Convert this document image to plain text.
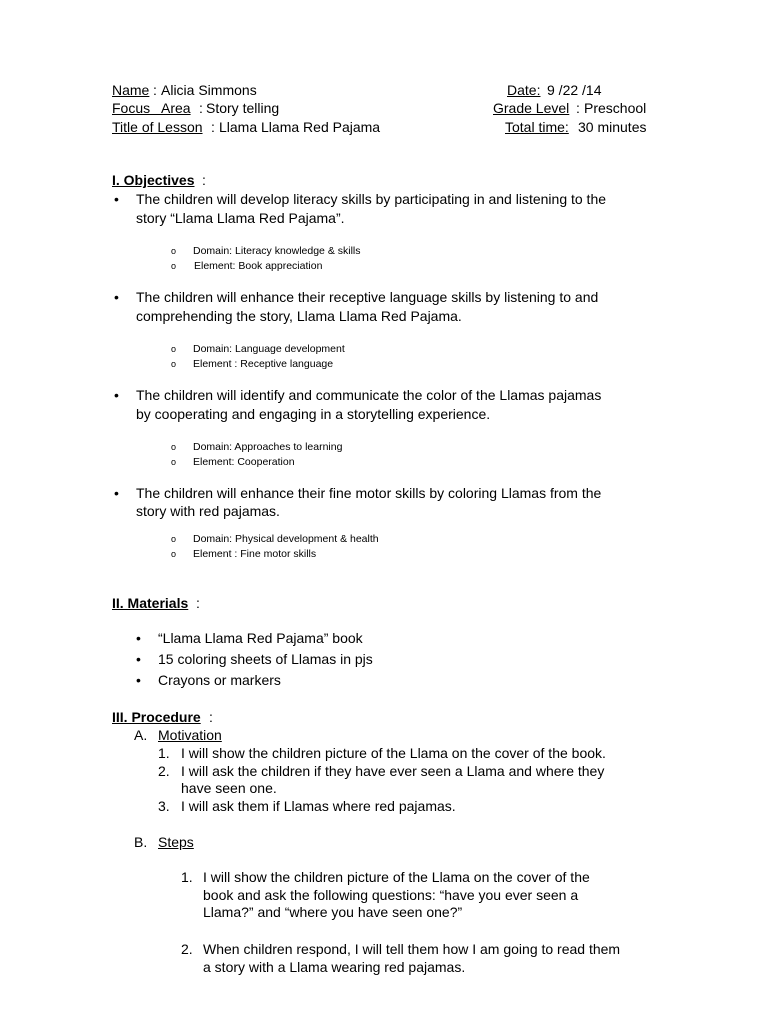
Name : Alicia Simmons	Date: 9 /22 /14
Focus   Area : Story telling	Grade Level : Preschool
Title of Lesson : Llama Llama Red Pajama	Total time: 30 minutes
I. Objectives :
• The children will develop literacy skills by participating in and listening to the
story “Llama Llama Red Pajama”.
o Domain: Literacy knowledge & skills
o Element: Book appreciation
• The children will enhance their receptive language skills by listening to and
comprehending the story, Llama Llama Red Pajama.
o Domain: Language development
o Element : Receptive language
• The children will identify and communicate the color of the Llamas pajamas
by cooperating and engaging in a storytelling experience.
o Domain: Approaches to learning
o Element: Cooperation
• The children will enhance their fine motor skills by coloring Llamas from the
story with red pajamas.
o Domain: Physical development & health
o Element : Fine motor skills
II. Materials :
• “Llama Llama Red Pajama” book
• 15 coloring sheets of Llamas in pjs
• Crayons or markers
III. Procedure :
A. Motivation
1. I will show the children picture of the Llama on the cover of the book.
2. I will ask the children if they have ever seen a Llama and where they
have seen one.
3. I will ask them if Llamas where red pajamas.
B. Steps
1. I will show the children picture of the Llama on the cover of the
book and ask the following questions: “have you ever seen a
Llama?” and “where you have seen one?”
2. When children respond, I will tell them how I am going to read them
a story with a Llama wearing red pajamas.
